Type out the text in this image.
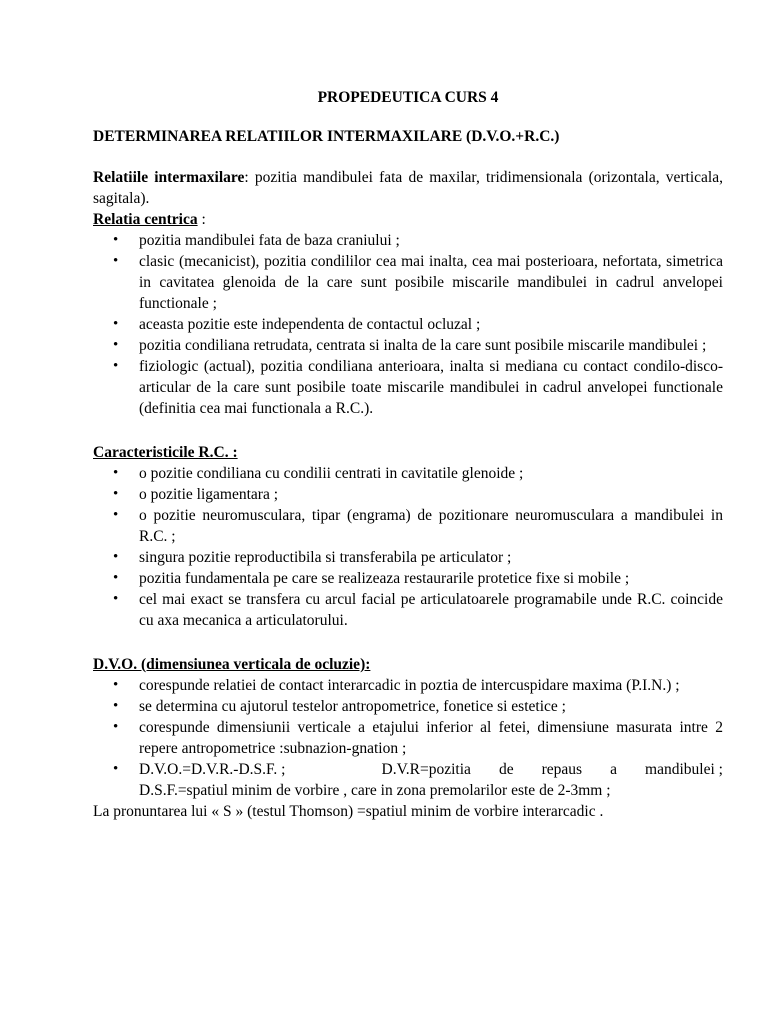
PROPEDEUTICA CURS 4

DETERMINAREA RELATIILOR INTERMAXILARE (D.V.O.+R.C.)

Relatiile intermaxilare: pozitia mandibulei fata de maxilar, tridimensionala (orizontala, verticala, sagitala).

Relatia centrica :

• pozitia mandibulei fata de baza craniului ;
• clasic (mecanicist), pozitia condililor cea mai inalta, cea mai posterioara, nefortata, simetrica in cavitatea glenoida de la care sunt posibile miscarile mandibulei in cadrul anvelopei functionale ;
• aceasta pozitie este independenta de contactul ocluzal ;
• pozitia condiliana retrudata, centrata si inalta de la care sunt posibile miscarile mandibulei ;
• fiziologic (actual), pozitia condiliana anterioara, inalta si mediana cu contact condilo-disco-articular de la care sunt posibile toate miscarile mandibulei in cadrul anvelopei functionale (definitia cea mai functionala a R.C.).

Caracteristicile R.C. :

• o pozitie condiliana cu condilii centrati in cavitatile glenoide ;
• o pozitie ligamentara ;
• o pozitie neuromusculara, tipar (engrama) de pozitionare neuromusculara a mandibulei in R.C. ;
• singura pozitie reproductibila si transferabila pe articulator ;
• pozitia fundamentala pe care se realizeaza restaurarile protetice fixe si mobile ;
• cel mai exact se transfera cu arcul facial pe articulatoarele programabile unde R.C. coincide cu axa mecanica a articulatorului.

D.V.O. (dimensiunea verticala de ocluzie):

• corespunde relatiei de contact interarcadic in poztia de intercuspidare maxima (P.I.N.) ;
• se determina cu ajutorul testelor antropometrice, fonetice si estetice ;
• corespunde dimensiunii verticale a etajului inferior al fetei, dimensiune masurata intre 2 repere antropometrice :subnazion-gnation ;
• D.V.O.=D.V.R.-D.S.F. ;	D.V.R=pozitia de repaus a mandibulei ;
D.S.F.=spatiul minim de vorbire , care in zona premolarilor este de 2-3mm ;

La pronuntarea lui « S » (testul Thomson) =spatiul minim de vorbire interarcadic .
